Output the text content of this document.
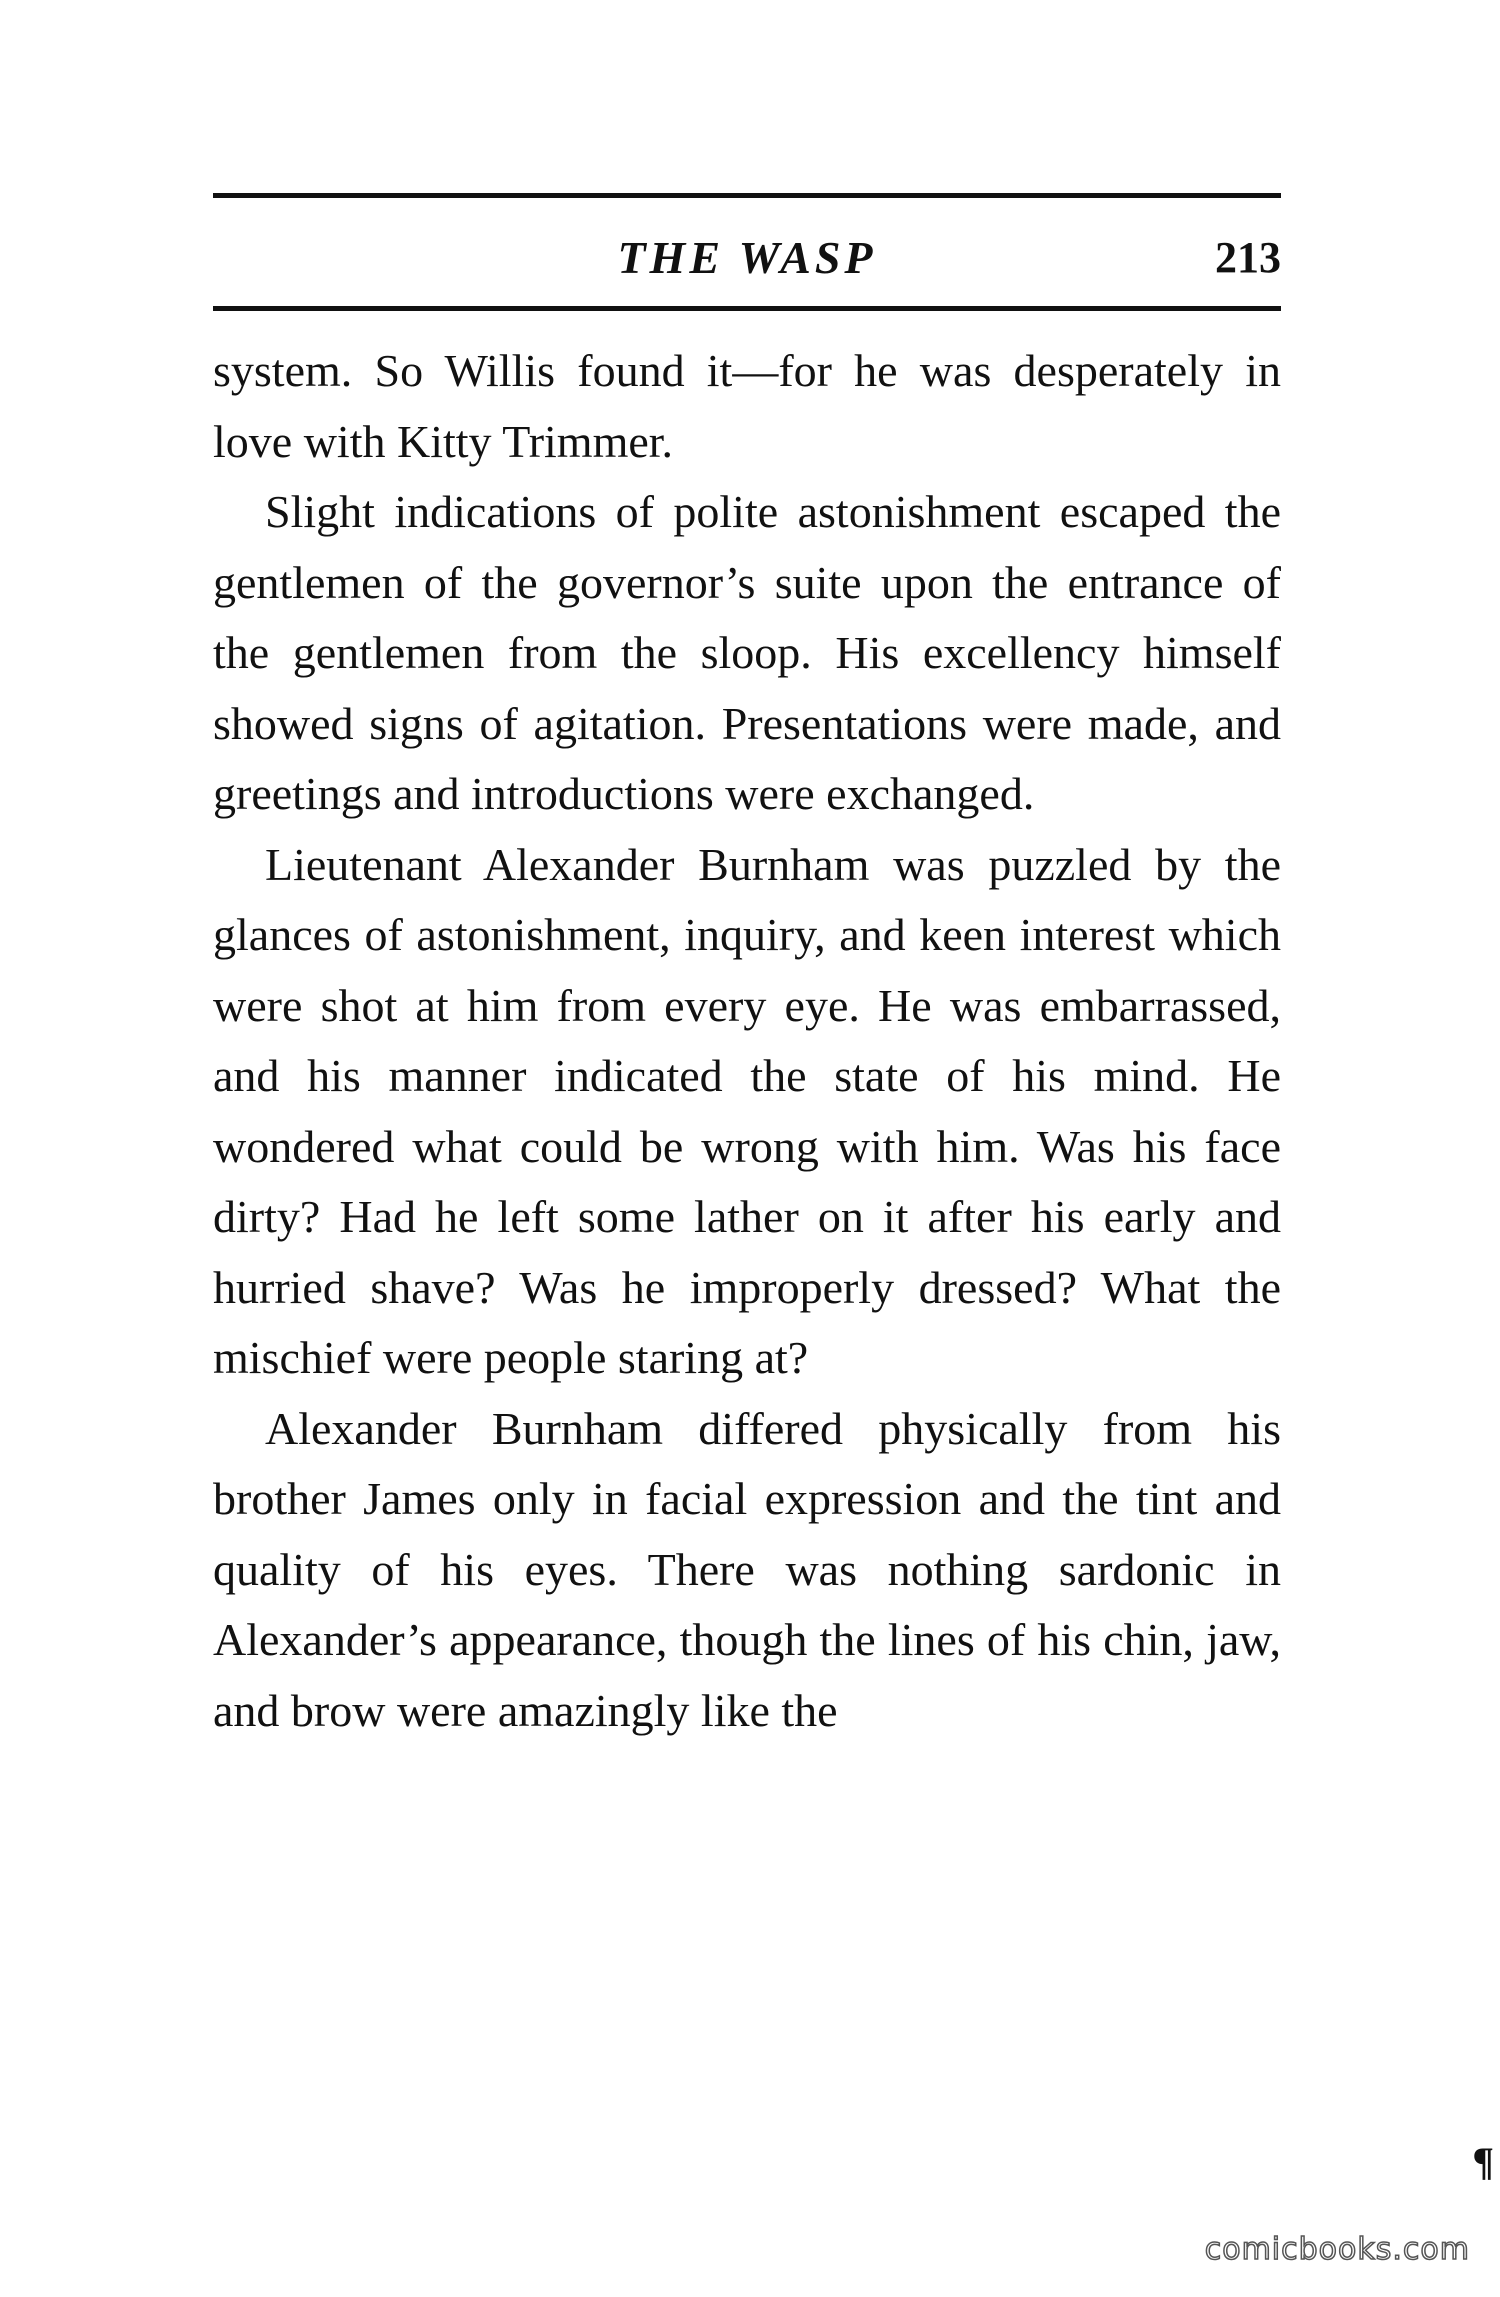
THE WASP	213

system. So Willis found it—for he was desperately in love with Kitty Trimmer.

Slight indications of polite astonishment escaped the gentlemen of the governor’s suite upon the entrance of the gentlemen from the sloop. His excellency himself showed signs of agitation. Presentations were made, and greetings and introductions were exchanged.

Lieutenant Alexander Burnham was puzzled by the glances of astonishment, inquiry, and keen interest which were shot at him from every eye. He was embarrassed, and his manner indicated the state of his mind. He wondered what could be wrong with him. Was his face dirty? Had he left some lather on it after his early and hurried shave? Was he improperly dressed? What the mischief were people staring at?

Alexander Burnham differed physically from his brother James only in facial expression and the tint and quality of his eyes. There was nothing sardonic in Alexander’s appearance, though the lines of his chin, jaw, and brow were amazingly like the

¶
comicbooks.com
